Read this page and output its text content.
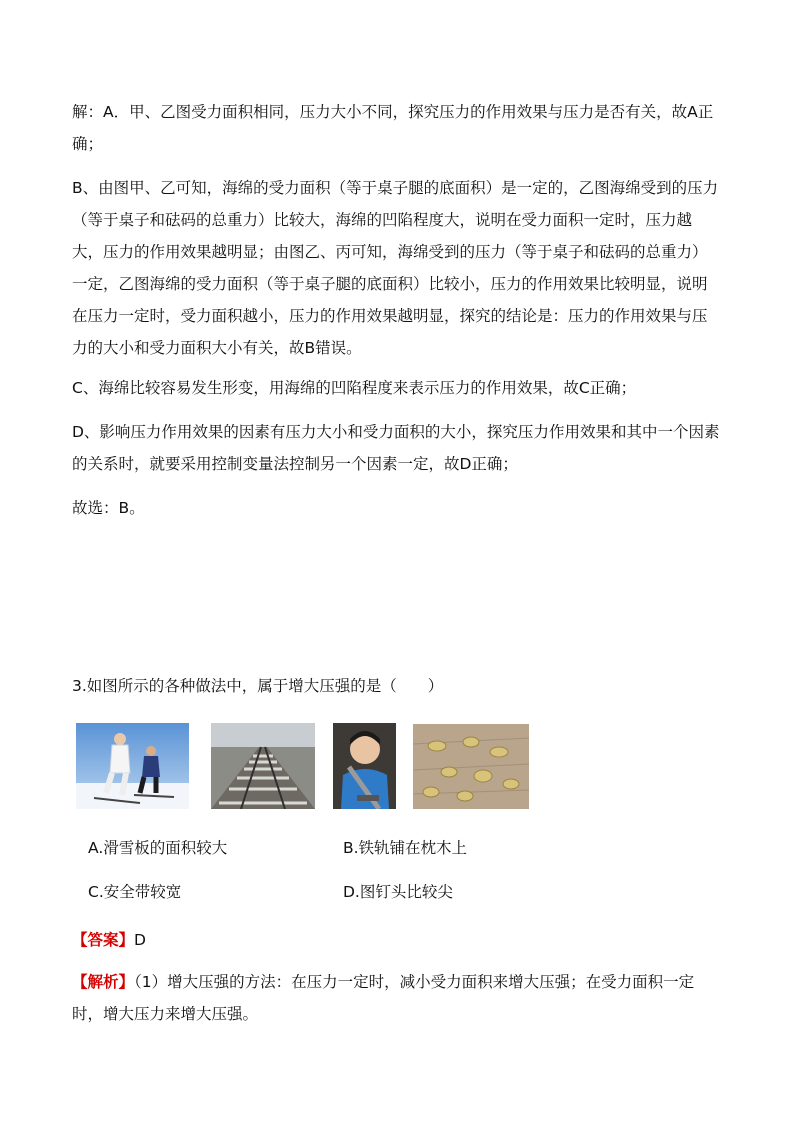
解：A．甲、乙图受力面积相同，压力大小不同，探究压力的作用效果与压力是否有关，故A正确；

B、由图甲、乙可知，海绵的受力面积（等于桌子腿的底面积）是一定的，乙图海绵受到的压力（等于桌子和砝码的总重力）比较大，海绵的凹陷程度大，说明在受力面积一定时，压力越大，压力的作用效果越明显；由图乙、丙可知，海绵受到的压力（等于桌子和砝码的总重力）一定，乙图海绵的受力面积（等于桌子腿的底面积）比较小，压力的作用效果比较明显，说明在压力一定时，受力面积越小，压力的作用效果越明显，探究的结论是：压力的作用效果与压力的大小和受力面积大小有关，故B错误。

C、海绵比较容易发生形变，用海绵的凹陷程度来表示压力的作用效果，故C正确；

D、影响压力作用效果的因素有压力大小和受力面积的大小，探究压力作用效果和其中一个因素的关系时，就要采用控制变量法控制另一个因素一定，故D正确；

故选：B。

3.如图所示的各种做法中，属于增大压强的是（　　）

A.滑雪板的面积较大	B.铁轨铺在枕木上
C.安全带较宽	D.图钉头比较尖

【答案】D

【解析】（1）增大压强的方法：在压力一定时，减小受力面积来增大压强；在受力面积一定时，增大压力来增大压强。
